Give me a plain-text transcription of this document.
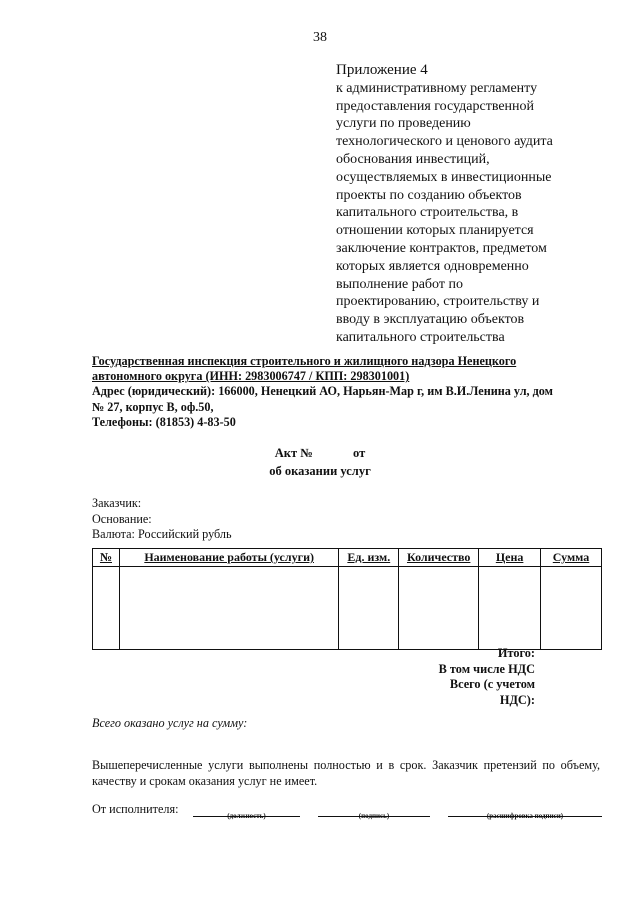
38
Приложение 4
к административному регламенту
предоставления государственной
услуги по проведению
технологического и ценового аудита
обоснования инвестиций,
осуществляемых в инвестиционные
проекты по созданию объектов
капитального строительства, в
отношении которых планируется
заключение контрактов, предметом
которых является одновременно
выполнение работ по
проектированию, строительству и
вводу в эксплуатацию объектов
капитального строительства
Государственная инспекция строительного и жилищного надзора Ненецкого
автономного округа (ИНН: 2983006747 / КПП: 298301001)
Адрес (юридический): 166000, Ненецкий АО, Нарьян-Мар г, им В.И.Ленина ул, дом
№ 27, корпус В, оф.50,
Телефоны: (81853) 4-83-50
Акт №	от
об оказании услуг
Заказчик:
Основание:
Валюта: Российский рубль
№	Наименование работы (услуги)	Ед. изм.	Количество	Цена	Сумма

Итого:
В том числе НДС
Всего (с учетом
НДС):
Всего оказано услуг на сумму:
Вышеперечисленные услуги выполнены полностью и в срок. Заказчик претензий по объему, качеству и срокам оказания услуг не имеет.
От исполнителя:	(должность)	(подпись)	(расшифровка подписи)
